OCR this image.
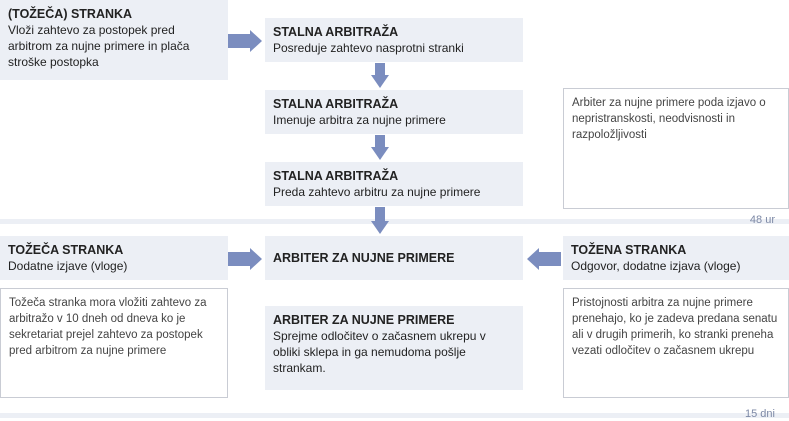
48 ur
15 dni
(TOŽEČA) STRANKA
Vloži zahtevo za postopek pred arbitrom za nujne primere in plača stroške postopka
STALNA ARBITRAŽA
Posreduje zahtevo nasprotni stranki
STALNA ARBITRAŽA
Imenuje arbitra za nujne primere
STALNA ARBITRAŽA
Preda zahtevo arbitru za nujne primere
Arbiter za nujne primere poda izjavo o nepristranskosti, neodvisnosti in razpoložljivosti
TOŽEČA STRANKA
Dodatne izjave (vloge)
ARBITER ZA NUJNE PRIMERE
TOŽENA STRANKA
Odgovor, dodatne izjava (vloge)
Tožeča stranka mora vložiti zahtevo za arbitražo v 10 dneh od dneva ko je sekretariat prejel zahtevo za postopek pred arbitrom za nujne primere
ARBITER ZA NUJNE PRIMERE
Sprejme odločitev o začasnem ukrepu v obliki sklepa in ga nemudoma pošlje strankam.
Pristojnosti arbitra za nujne primere prenehajo, ko je zadeva predana senatu ali v drugih primerih, ko stranki preneha vezati odločitev o začasnem ukrepu
